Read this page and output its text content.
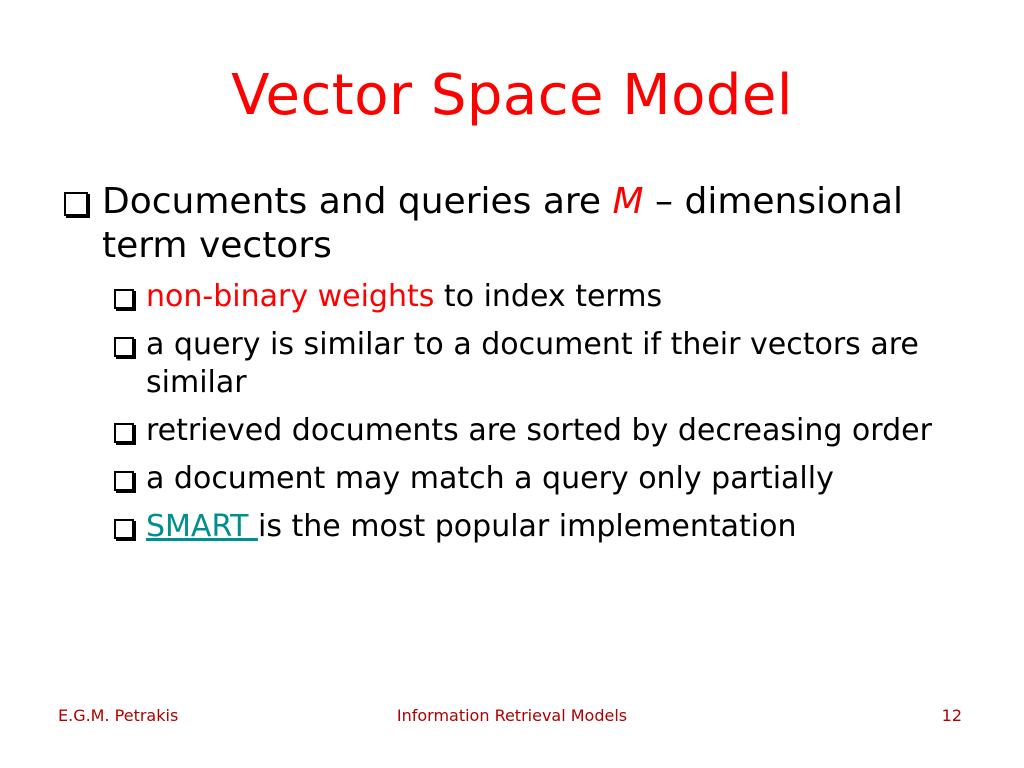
Vector Space Model
Documents and queries are M – dimensional term vectors
non-binary weights to index terms
a query is similar to a document if their vectors are similar
retrieved documents are sorted by decreasing order
a document may match a query only partially
SMART is the most popular implementation
E.G.M. Petrakis	Information Retrieval Models	12
